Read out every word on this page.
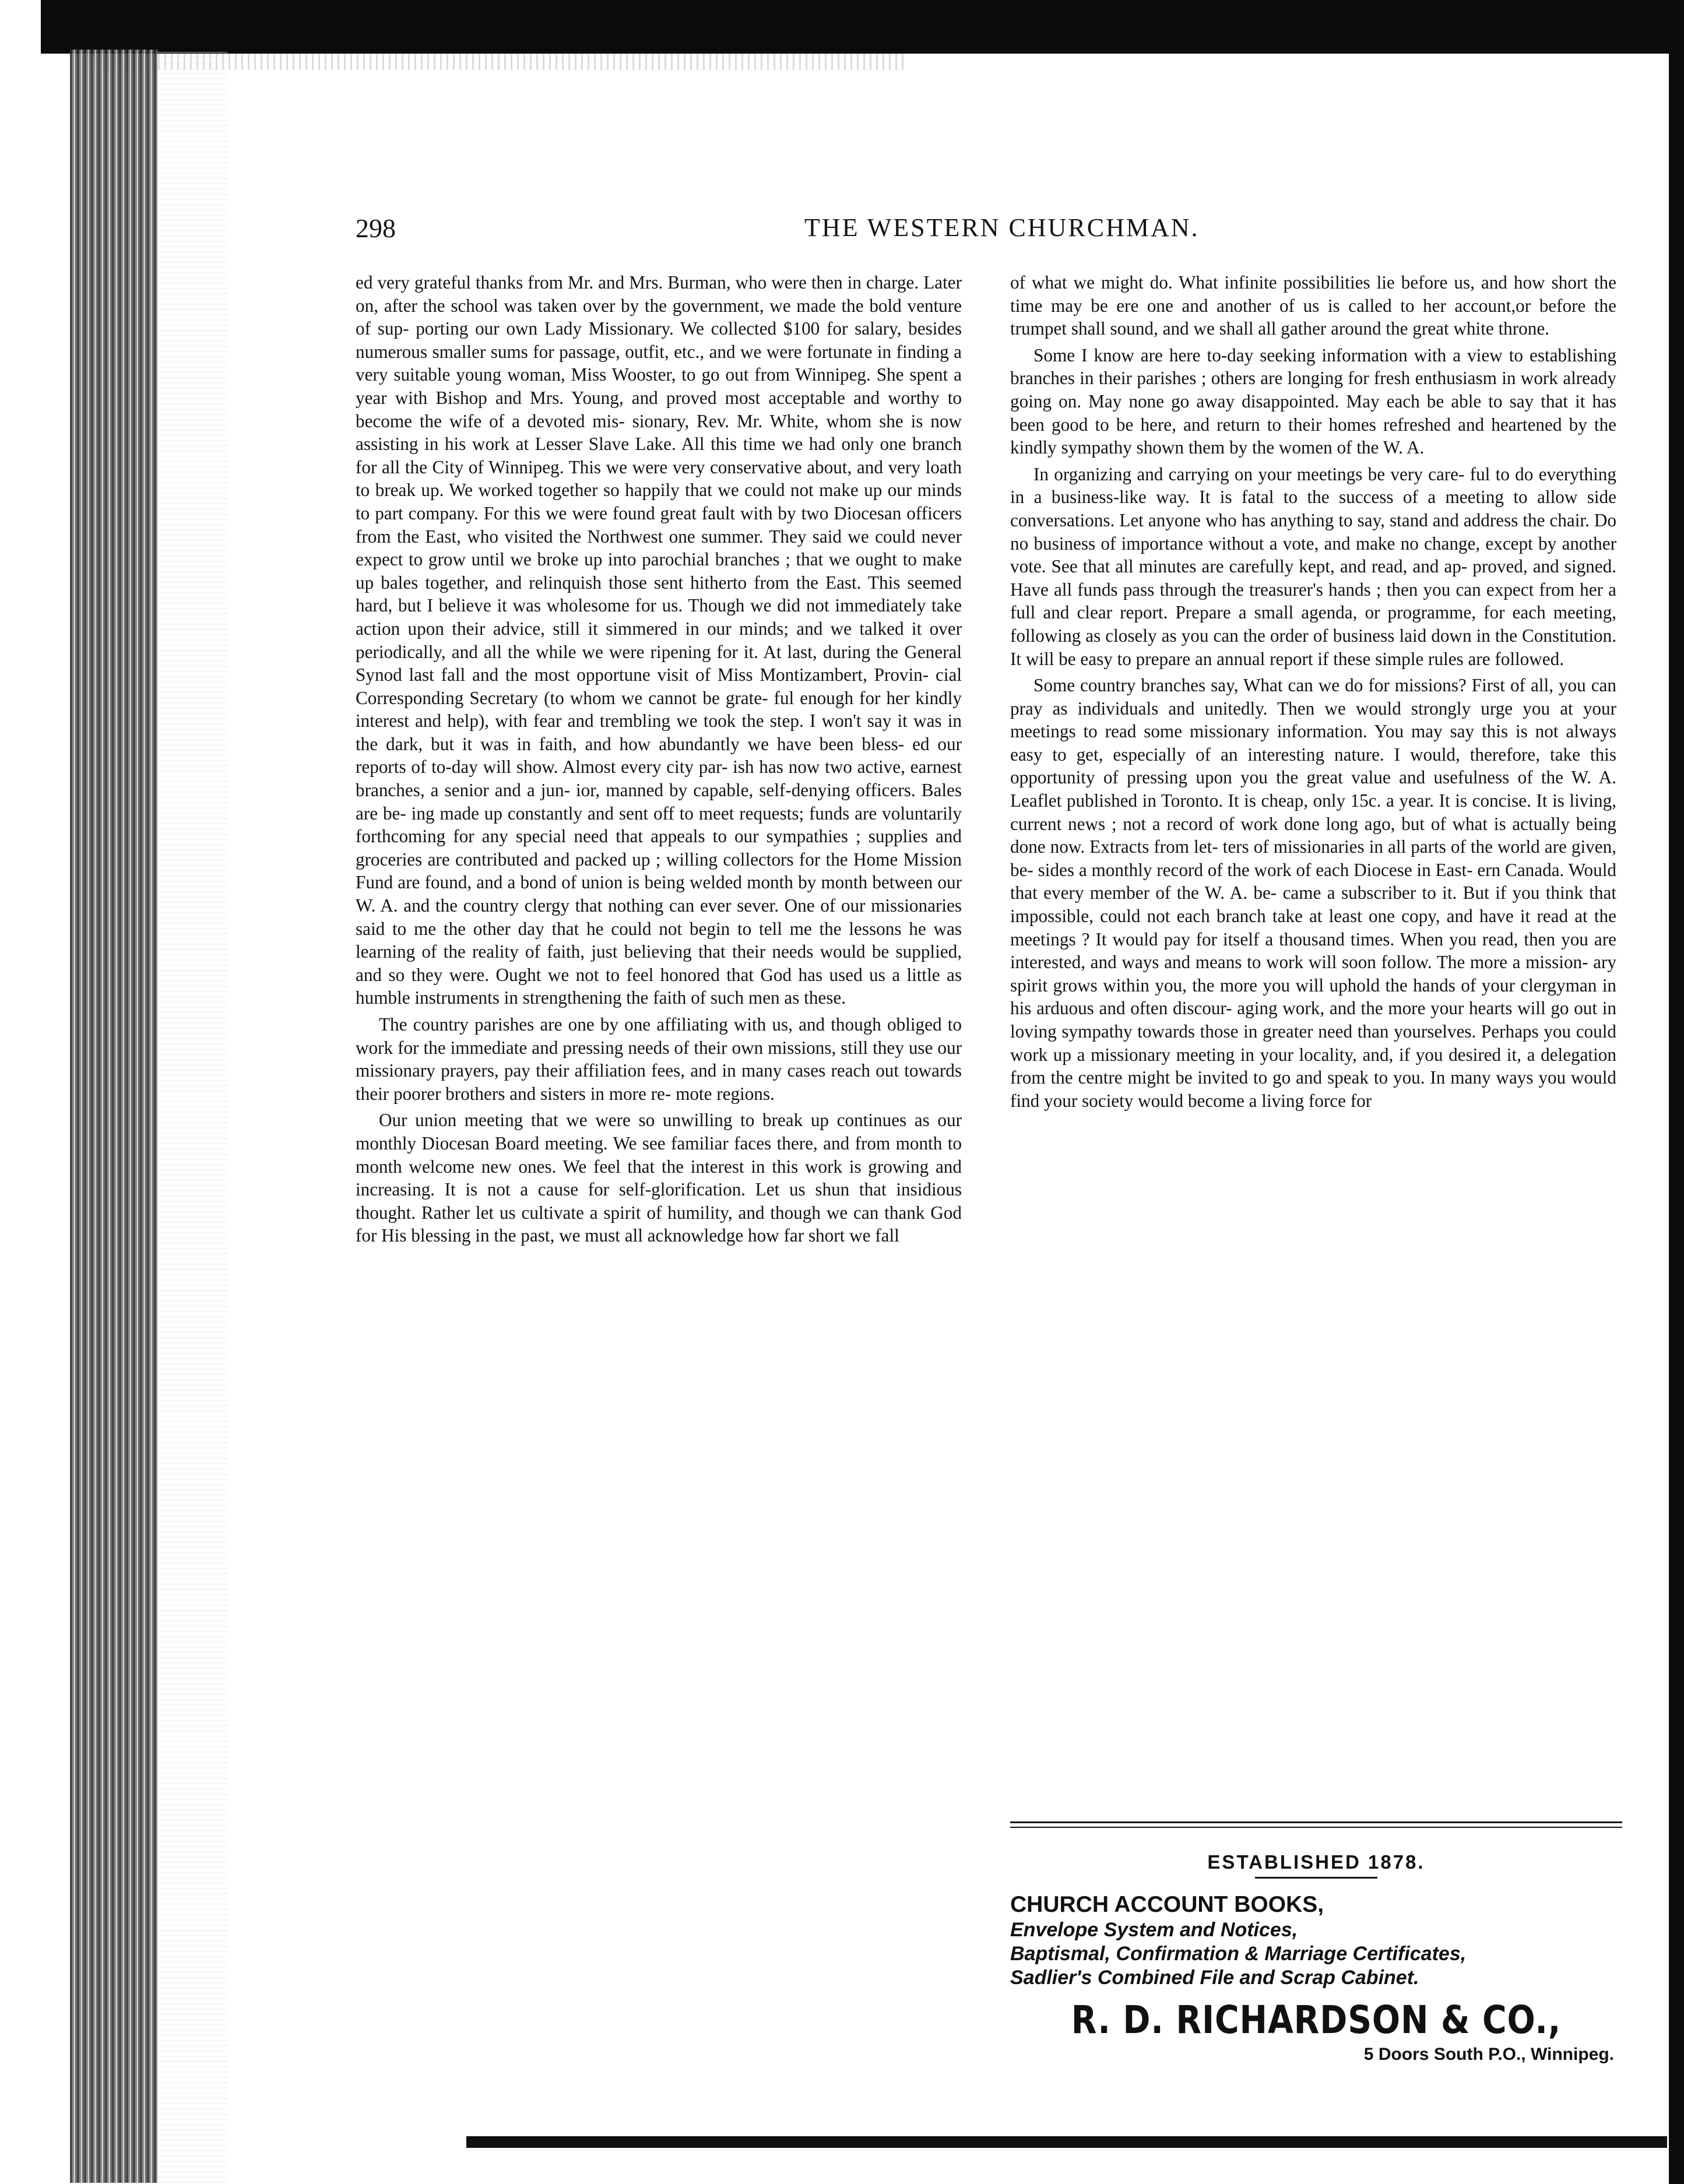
298	THE WESTERN CHURCHMAN.

ed very grateful thanks from Mr. and Mrs. Burman, who were then in charge. Later on, after the school was taken over by the government, we made the bold venture of sup- porting our own Lady Missionary. We collected $100 for salary, besides numerous smaller sums for passage, outfit, etc., and we were fortunate in finding a very suitable young woman, Miss Wooster, to go out from Winnipeg. She spent a year with Bishop and Mrs. Young, and proved most acceptable and worthy to become the wife of a devoted mis- sionary, Rev. Mr. White, whom she is now assisting in his work at Lesser Slave Lake. All this time we had only one branch for all the City of Winnipeg. This we were very conservative about, and very loath to break up. We worked together so happily that we could not make up our minds to part company. For this we were found great fault with by two Diocesan officers from the East, who visited the Northwest one summer. They said we could never expect to grow until we broke up into parochial branches ; that we ought to make up bales together, and relinquish those sent hitherto from the East. This seemed hard, but I believe it was wholesome for us. Though we did not immediately take action upon their advice, still it simmered in our minds; and we talked it over periodically, and all the while we were ripening for it. At last, during the General Synod last fall and the most opportune visit of Miss Montizambert, Provin- cial Corresponding Secretary (to whom we cannot be grate- ful enough for her kindly interest and help), with fear and trembling we took the step. I won't say it was in the dark, but it was in faith, and how abundantly we have been bless- ed our reports of to-day will show. Almost every city par- ish has now two active, earnest branches, a senior and a jun- ior, manned by capable, self-denying officers. Bales are be- ing made up constantly and sent off to meet requests; funds are voluntarily forthcoming for any special need that appeals to our sympathies ; supplies and groceries are contributed and packed up ; willing collectors for the Home Mission Fund are found, and a bond of union is being welded month by month between our W. A. and the country clergy that nothing can ever sever. One of our missionaries said to me the other day that he could not begin to tell me the lessons he was learning of the reality of faith, just believing that their needs would be supplied, and so they were. Ought we not to feel honored that God has used us a little as humble instruments in strengthening the faith of such men as these.

The country parishes are one by one affiliating with us, and though obliged to work for the immediate and pressing needs of their own missions, still they use our missionary prayers, pay their affiliation fees, and in many cases reach out towards their poorer brothers and sisters in more re- mote regions.

Our union meeting that we were so unwilling to break up continues as our monthly Diocesan Board meeting. We see familiar faces there, and from month to month welcome new ones. We feel that the interest in this work is growing and increasing. It is not a cause for self-glorification. Let us shun that insidious thought. Rather let us cultivate a spirit of humility, and though we can thank God for His blessing in the past, we must all acknowledge how far short we fall

of what we might do. What infinite possibilities lie before us, and how short the time may be ere one and another of us is called to her account,or before the trumpet shall sound, and we shall all gather around the great white throne.

Some I know are here to-day seeking information with a view to establishing branches in their parishes ; others are longing for fresh enthusiasm in work already going on. May none go away disappointed. May each be able to say that it has been good to be here, and return to their homes refreshed and heartened by the kindly sympathy shown them by the women of the W. A.

In organizing and carrying on your meetings be very care- ful to do everything in a business-like way. It is fatal to the success of a meeting to allow side conversations. Let anyone who has anything to say, stand and address the chair. Do no business of importance without a vote, and make no change, except by another vote. See that all minutes are carefully kept, and read, and ap- proved, and signed. Have all funds pass through the treasurer's hands ; then you can expect from her a full and clear report. Prepare a small agenda, or programme, for each meeting, following as closely as you can the order of business laid down in the Constitution. It will be easy to prepare an annual report if these simple rules are followed.

Some country branches say, What can we do for missions? First of all, you can pray as individuals and unitedly. Then we would strongly urge you at your meetings to read some missionary information. You may say this is not always easy to get, especially of an interesting nature. I would, therefore, take this opportunity of pressing upon you the great value and usefulness of the W. A. Leaflet published in Toronto. It is cheap, only 15c. a year. It is concise. It is living, current news ; not a record of work done long ago, but of what is actually being done now. Extracts from let- ters of missionaries in all parts of the world are given, be- sides a monthly record of the work of each Diocese in East- ern Canada. Would that every member of the W. A. be- came a subscriber to it. But if you think that impossible, could not each branch take at least one copy, and have it read at the meetings ? It would pay for itself a thousand times. When you read, then you are interested, and ways and means to work will soon follow. The more a mission- ary spirit grows within you, the more you will uphold the hands of your clergyman in his arduous and often discour- aging work, and the more your hearts will go out in loving sympathy towards those in greater need than yourselves. Perhaps you could work up a missionary meeting in your locality, and, if you desired it, a delegation from the centre might be invited to go and speak to you. In many ways you would find your society would become a living force for

ESTABLISHED 1878.
CHURCH ACCOUNT BOOKS,
Envelope System and Notices,
Baptismal, Confirmation & Marriage Certificates,
Sadlier's Combined File and Scrap Cabinet.
R. D. RICHARDSON & CO.,
5 Doors South P.O., Winnipeg.
